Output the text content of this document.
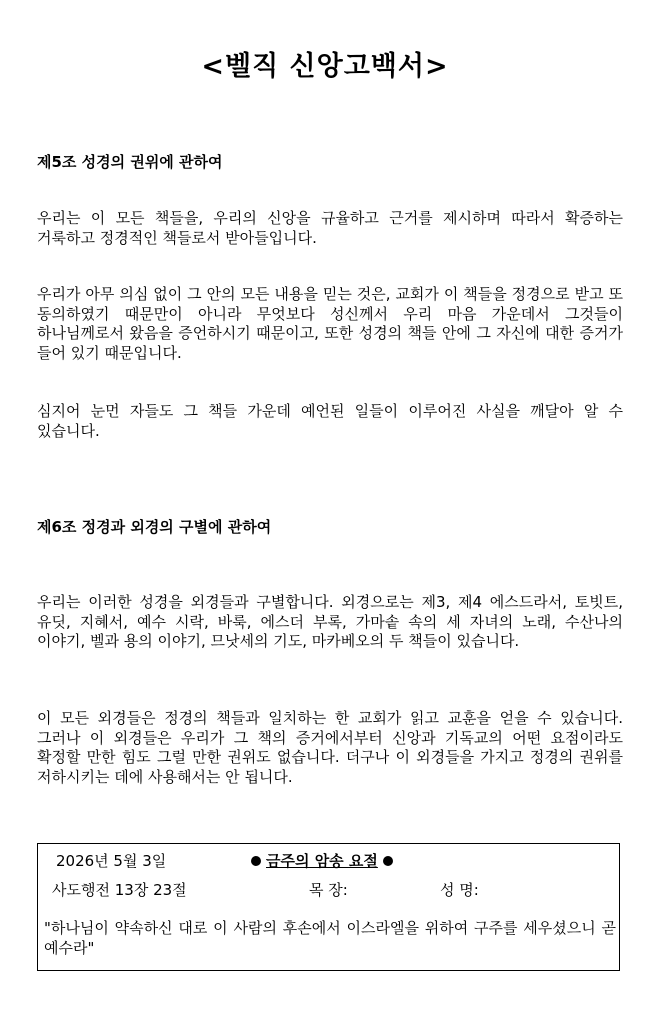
<벨직 신앙고백서>
제5조 성경의 권위에 관하여
우리는 이 모든 책들을, 우리의 신앙을 규율하고 근거를 제시하며 따라서 확증하는 거룩하고 정경적인 책들로서 받아들입니다.
우리가 아무 의심 없이 그 안의 모든 내용을 믿는 것은, 교회가 이 책들을 정경으로 받고 또 동의하였기 때문만이 아니라 무엇보다 성신께서 우리 마음 가운데서 그것들이 하나님께로서 왔음을 증언하시기 때문이고, 또한 성경의 책들 안에 그 자신에 대한 증거가 들어 있기 때문입니다.
심지어 눈먼 자들도 그 책들 가운데 예언된 일들이 이루어진 사실을 깨달아 알 수 있습니다.
제6조 정경과 외경의 구별에 관하여
우리는 이러한 성경을 외경들과 구별합니다. 외경으로는 제3, 제4 에스드라서, 토빗트, 유딧, 지혜서, 예수 시락, 바룩, 에스더 부록, 가마솥 속의 세 자녀의 노래, 수산나의 이야기, 벨과 용의 이야기, 므낫세의 기도, 마카베오의 두 책들이 있습니다.
이 모든 외경들은 정경의 책들과 일치하는 한 교회가 읽고 교훈을 얻을 수 있습니다. 그러나 이 외경들은 우리가 그 책의 증거에서부터 신앙과 기독교의 어떤 요점이라도 확정할 만한 힘도 그럴 만한 권위도 없습니다. 더구나 이 외경들을 가지고 정경의 권위를 저하시키는 데에 사용해서는 안 됩니다.
2026년 5월 3일	금주의 암송 요절
사도행전 13장 23절	목 장:	성 명:
"하나님이 약속하신 대로 이 사람의 후손에서 이스라엘을 위하여 구주를 세우셨으니 곧 예수라"
